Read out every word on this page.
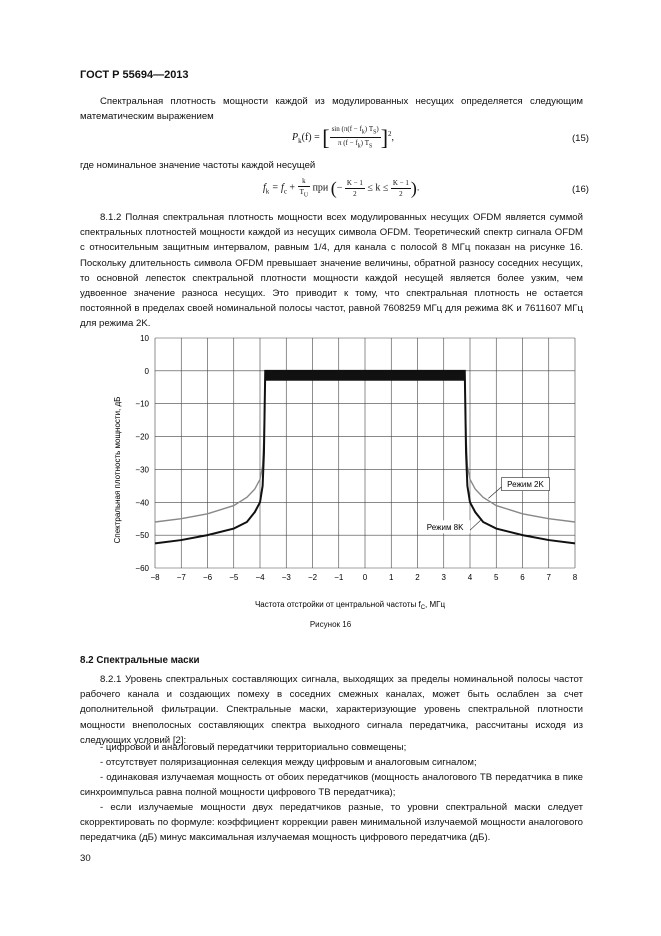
ГОСТ Р 55694—2013
Спектральная плотность мощности каждой из модулированных несущих определяется следующим математическим выражением
$P_k(f)$ = [ $\frac{\sin (\pi(f - f_k) T_S)}{\pi (f - f_k) T_S} ]^2$,	(15)
где номинальное значение частоты каждой несущей
$f_k = f_c + \frac{k}{T_U}$ при (− $\frac{K - 1}{2} \le k \le \frac{K - 1}{2}$ ).	(16)
8.1.2 Полная спектральная плотность мощности всех модулированных несущих OFDM является суммой спектральных плотностей мощности каждой из несущих символа OFDM. Теоретический спектр сигнала OFDM с относительным защитным интервалом, равным 1/4, для канала с полосой 8 МГц показан на рисунке 16. Поскольку длительность символа OFDM превышает значение величины, обратной разносу соседних несущих, то основной лепесток спектральной плотности мощности каждой несущей является более узким, чем удвоенное значение разноса несущих. Это приводит к тому, что спектральная плотность не остается постоянной в пределах своей номинальной полосы частот, равной 7608259 МГц для режима 8K и 7611607 МГц для режима 2K.
−8 −7 −6 −5 −4 −3 −2 −1 0	1	2	3	4	5	6	7	8
10
0
−10
−20
−30
−40
−50
−60
Режим 2K
Режим 8K
Спектральная плотность мощности, дБ
Частота отстройки от центральной частоты $f_C$, МГц
Рисунок 16
8.2 Спектральные маски
8.2.1 Уровень спектральных составляющих сигнала, выходящих за пределы номинальной полосы частот рабочего канала и создающих помеху в соседних смежных каналах, может быть ослаблен за счет дополнительной фильтрации. Спектральные маски, характеризующие уровень спектральной плотности мощности внеполосных составляющих спектра выходного сигнала передатчика, рассчитаны исходя из следующих условий [2]:
- цифровой и аналоговый передатчики территориально совмещены;
- отсутствует поляризационная селекция между цифровым и аналоговым сигналом;
- одинаковая излучаемая мощность от обоих передатчиков (мощность аналогового ТВ передатчика в пике синхроимпульса равна полной мощности цифрового ТВ передатчика);
- если излучаемые мощности двух передатчиков разные, то уровни спектральной маски следует скорректировать по формуле: коэффициент коррекции равен минимальной излучаемой мощности аналогового передатчика (дБ) минус максимальная излучаемая мощность цифрового передатчика (дБ).
30
